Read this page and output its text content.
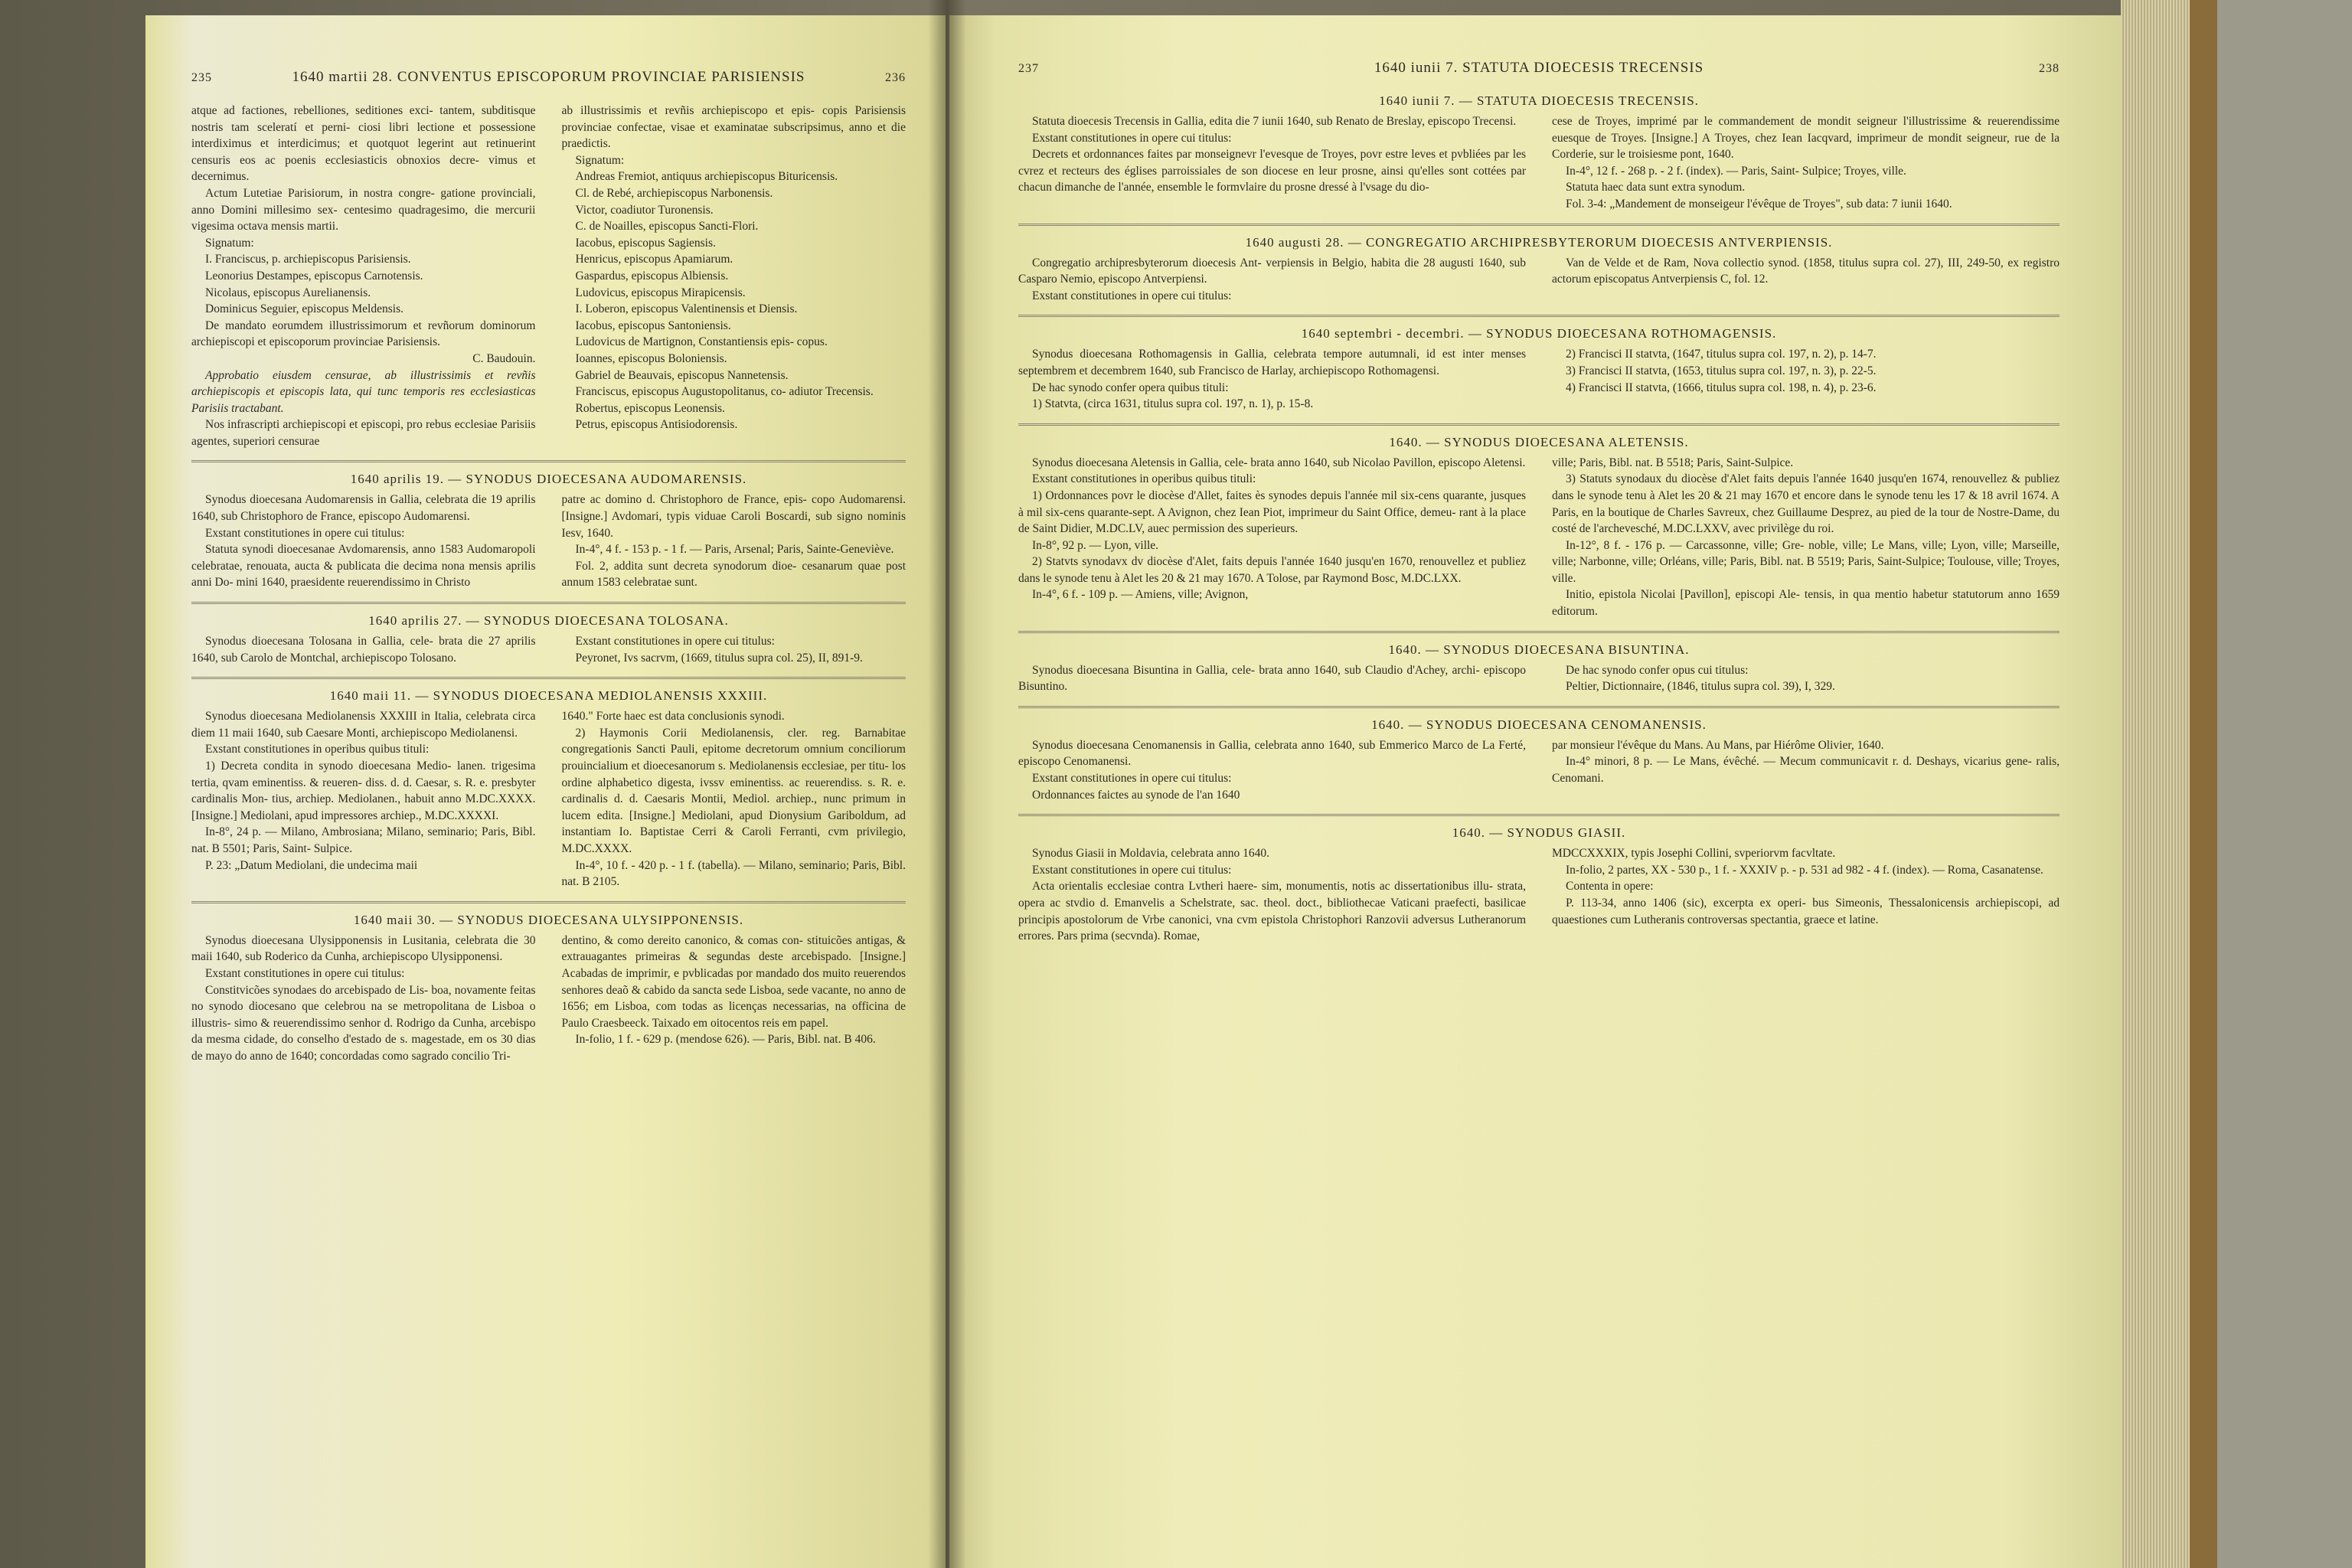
235	1640 martii 28. CONVENTUS EPISCOPORUM PROVINCIAE PARISIENSIS	236

atque ad factiones, rebelliones, seditiones exci- tantem, subditisque nostris tam sceleratí et perni- ciosi libri lectione et possessione interdiximus et interdicimus; et quotquot legerint aut retinuerint censuris eos ac poenis ecclesiasticis obnoxios decre- vimus et decernimus.

Actum Lutetiae Parisiorum, in nostra congre- gatione provinciali, anno Domini millesimo sex- centesimo quadragesimo, die mercurii vigesima octava mensis martii.

Signatum:

I. Franciscus, p. archiepiscopus Parisiensis.

Leonorius Destampes, episcopus Carnotensis.

Nicolaus, episcopus Aurelianensis.

Dominicus Seguier, episcopus Meldensis.

De mandato eorumdem illustrissimorum et revñorum dominorum archiepiscopi et episcoporum provinciae Parisiensis.

C. Baudouin.

Approbatio eiusdem censurae, ab illustrissimis et revñis archiepiscopis et episcopis lata, qui tunc temporis res ecclesiasticas Parisiis tractabant.

Nos infrascripti archiepiscopi et episcopi, pro rebus ecclesiae Parisiis agentes, superiori censurae

ab illustrissimis et revñis archiepiscopo et epis- copis Parisiensis provinciae confectae, visae et examinatae subscripsimus, anno et die praedictis.

Signatum:

Andreas Fremiot, antiquus archiepiscopus Bituricensis.

Cl. de Rebé, archiepiscopus Narbonensis.

Victor, coadiutor Turonensis.

C. de Noailles, episcopus Sancti-Flori.

Iacobus, episcopus Sagiensis.

Henricus, episcopus Apamiarum.

Gaspardus, episcopus Albiensis.

Ludovicus, episcopus Mirapicensis.

I. Loberon, episcopus Valentinensis et Diensis.

Iacobus, episcopus Santoniensis.

Ludovicus de Martignon, Constantiensis epis- copus.

Ioannes, episcopus Boloniensis.

Gabriel de Beauvais, episcopus Nannetensis.

Franciscus, episcopus Augustopolitanus, co- adiutor Trecensis.

Robertus, episcopus Leonensis.

Petrus, episcopus Antisiodorensis.

1640 aprilis 19. — SYNODUS DIOECESANA AUDOMARENSIS.

Synodus dioecesana Audomarensis in Gallia, celebrata die 19 aprilis 1640, sub Christophoro de France, episcopo Audomarensi.

Exstant constitutiones in opere cui titulus:

Statuta synodi dioecesanae Avdomarensis, anno 1583 Audomaropoli celebratae, renouata, aucta & publicata die decima nona mensis aprilis anni Do- mini 1640, praesidente reuerendissimo in Christo

patre ac domino d. Christophoro de France, epis- copo Audomarensi. [Insigne.] Avdomari, typis viduae Caroli Boscardi, sub signo nominis Iesv, 1640.

In-4°, 4 f. - 153 p. - 1 f. — Paris, Arsenal; Paris, Sainte-Geneviève.

Fol. 2, addita sunt decreta synodorum dioe- cesanarum quae post annum 1583 celebratae sunt.

1640 aprilis 27. — SYNODUS DIOECESANA TOLOSANA.

Synodus dioecesana Tolosana in Gallia, cele- brata die 27 aprilis 1640, sub Carolo de Montchal, archiepiscopo Tolosano.

Exstant constitutiones in opere cui titulus:

Peyronet, Ivs sacrvm, (1669, titulus supra col. 25), II, 891-9.

1640 maii 11. — SYNODUS DIOECESANA MEDIOLANENSIS XXXIII.

Synodus dioecesana Mediolanensis XXXIII in Italia, celebrata circa diem 11 maii 1640, sub Caesare Monti, archiepiscopo Mediolanensi.

Exstant constitutiones in operibus quibus tituli:

1) Decreta condita in synodo dioecesana Medio- lanen. trigesima tertia, qvam eminentiss. & reueren- diss. d. d. Caesar, s. R. e. presbyter cardinalis Mon- tius, archiep. Mediolanen., habuit anno M.DC.XXXX. [Insigne.] Mediolani, apud impressores archiep., M.DC.XXXXI.

In-8°, 24 p. — Milano, Ambrosiana; Milano, seminario; Paris, Bibl. nat. B 5501; Paris, Saint- Sulpice.

P. 23: „Datum Mediolani, die undecima maii

1640." Forte haec est data conclusionis synodi.

2) Haymonis Corii Mediolanensis, cler. reg. Barnabitae congregationis Sancti Pauli, epitome decretorum omnium conciliorum prouincialium et dioecesanorum s. Mediolanensis ecclesiae, per titu- los ordine alphabetico digesta, ivssv eminentiss. ac reuerendiss. s. R. e. cardinalis d. d. Caesaris Montii, Mediol. archiep., nunc primum in lucem edita. [Insigne.] Mediolani, apud Dionysium Gariboldum, ad instantiam Io. Baptistae Cerri & Caroli Ferranti, cvm privilegio, M.DC.XXXX.

In-4°, 10 f. - 420 p. - 1 f. (tabella). — Milano, seminario; Paris, Bibl. nat. B 2105.

1640 maii 30. — SYNODUS DIOECESANA ULYSIPPONENSIS.

Synodus dioecesana Ulysipponensis in Lusitania, celebrata die 30 maii 1640, sub Roderico da Cunha, archiepiscopo Ulysipponensi.

Exstant constitutiones in opere cui titulus:

Constitvicões synodaes do arcebispado de Lis- boa, novamente feitas no synodo diocesano que celebrou na se metropolitana de Lisboa o illustris- simo & reuerendissimo senhor d. Rodrigo da Cunha, arcebispo da mesma cidade, do conselho d'estado de s. magestade, em os 30 dias de mayo do anno de 1640; concordadas como sagrado concilio Tri-

dentino, & como dereito canonico, & comas con- stituicões antigas, & extrauagantes primeiras & segundas deste arcebispado. [Insigne.] Acabadas de imprimir, e pvblicadas por mandado dos muito reuerendos senhores deaõ & cabido da sancta sede Lisboa, sede vacante, no anno de 1656; em Lisboa, com todas as licenças necessarias, na officina de Paulo Craesbeeck. Taixado em oitocentos reis em papel.

In-folio, 1 f. - 629 p. (mendose 626). — Paris, Bibl. nat. B 406.

237	1640 iunii 7. STATUTA DIOECESIS TRECENSIS	238
1640 iunii 7. — STATUTA DIOECESIS TRECENSIS.

Statuta dioecesis Trecensis in Gallia, edita die 7 iunii 1640, sub Renato de Breslay, episcopo Trecensi.

Exstant constitutiones in opere cui titulus:

Decrets et ordonnances faites par monseignevr l'evesque de Troyes, povr estre leves et pvbliées par les cvrez et recteurs des églises parroissiales de son diocese en leur prosne, ainsi qu'elles sont cottées par chacun dimanche de l'année, ensemble le formvlaire du prosne dressé à l'vsage du dio-

cese de Troyes, imprimé par le commandement de mondit seigneur l'illustrissime & reuerendissime euesque de Troyes. [Insigne.] A Troyes, chez Iean Iacqvard, imprimeur de mondit seigneur, rue de la Corderie, sur le troisiesme pont, 1640.

In-4°, 12 f. - 268 p. - 2 f. (index). — Paris, Saint- Sulpice; Troyes, ville.

Statuta haec data sunt extra synodum.

Fol. 3-4: „Mandement de monseigeur l'évêque de Troyes", sub data: 7 iunii 1640.

1640 augusti 28. — CONGREGATIO ARCHIPRESBYTERORUM DIOECESIS ANTVERPIENSIS.

Congregatio archipresbyterorum dioecesis Ant- verpiensis in Belgio, habita die 28 augusti 1640, sub Casparo Nemio, episcopo Antverpiensi.

Exstant constitutiones in opere cui titulus:

Van de Velde et de Ram, Nova collectio synod. (1858, titulus supra col. 27), III, 249-50, ex registro actorum episcopatus Antverpiensis C, fol. 12.

1640 septembri - decembri. — SYNODUS DIOECESANA ROTHOMAGENSIS.

Synodus dioecesana Rothomagensis in Gallia, celebrata tempore autumnali, id est inter menses septembrem et decembrem 1640, sub Francisco de Harlay, archiepiscopo Rothomagensi.

De hac synodo confer opera quibus tituli:

1) Statvta, (circa 1631, titulus supra col. 197, n. 1), p. 15-8.

2) Francisci II statvta, (1647, titulus supra col. 197, n. 2), p. 14-7.

3) Francisci II statvta, (1653, titulus supra col. 197, n. 3), p. 22-5.

4) Francisci II statvta, (1666, titulus supra col. 198, n. 4), p. 23-6.

1640. — SYNODUS DIOECESANA ALETENSIS.

Synodus dioecesana Aletensis in Gallia, cele- brata anno 1640, sub Nicolao Pavillon, episcopo Aletensi.

Exstant constitutiones in operibus quibus tituli:

1) Ordonnances povr le diocèse d'Allet, faites ès synodes depuis l'année mil six-cens quarante, jusques à mil six-cens quarante-sept. A Avignon, chez Iean Piot, imprimeur du Saint Office, demeu- rant à la place de Saint Didier, M.DC.LV, auec permission des superieurs.

In-8°, 92 p. — Lyon, ville.

2) Statvts synodavx dv diocèse d'Alet, faits depuis l'année 1640 jusqu'en 1670, renouvellez et publiez dans le synode tenu à Alet les 20 & 21 may 1670. A Tolose, par Raymond Bosc, M.DC.LXX.

In-4°, 6 f. - 109 p. — Amiens, ville; Avignon,

ville; Paris, Bibl. nat. B 5518; Paris, Saint-Sulpice.

3) Statuts synodaux du diocèse d'Alet faits depuis l'année 1640 jusqu'en 1674, renouvellez & publiez dans le synode tenu à Alet les 20 & 21 may 1670 et encore dans le synode tenu les 17 & 18 avril 1674. A Paris, en la boutique de Charles Savreux, chez Guillaume Desprez, au pied de la tour de Nostre-Dame, du costé de l'archevesché, M.DC.LXXV, avec privilège du roi.

In-12°, 8 f. - 176 p. — Carcassonne, ville; Gre- noble, ville; Le Mans, ville; Lyon, ville; Marseille, ville; Narbonne, ville; Orléans, ville; Paris, Bibl. nat. B 5519; Paris, Saint-Sulpice; Toulouse, ville; Troyes, ville.

Initio, epistola Nicolai [Pavillon], episcopi Ale- tensis, in qua mentio habetur statutorum anno 1659 editorum.

1640. — SYNODUS DIOECESANA BISUNTINA.

Synodus dioecesana Bisuntina in Gallia, cele- brata anno 1640, sub Claudio d'Achey, archi- episcopo Bisuntino.

De hac synodo confer opus cui titulus:

Peltier, Dictionnaire, (1846, titulus supra col. 39), I, 329.

1640. — SYNODUS DIOECESANA CENOMANENSIS.

Synodus dioecesana Cenomanensis in Gallia, celebrata anno 1640, sub Emmerico Marco de La Ferté, episcopo Cenomanensi.

Exstant constitutiones in opere cui titulus:

Ordonnances faictes au synode de l'an 1640

par monsieur l'évêque du Mans. Au Mans, par Hiérôme Olivier, 1640.

In-4° minori, 8 p. — Le Mans, évêché. — Mecum communicavit r. d. Deshays, vicarius gene- ralis, Cenomani.

1640. — SYNODUS GIASII.

Synodus Giasii in Moldavia, celebrata anno 1640.

Exstant constitutiones in opere cui titulus:

Acta orientalis ecclesiae contra Lvtheri haere- sim, monumentis, notis ac dissertationibus illu- strata, opera ac stvdio d. Emanvelis a Schelstrate, sac. theol. doct., bibliothecae Vaticani praefecti, basilicae principis apostolorum de Vrbe canonici, vna cvm epistola Christophori Ranzovii adversus Lutheranorum errores. Pars prima (secvnda). Romae,

MDCCXXXIX, typis Josephi Collini, svperiorvm facvltate.

In-folio, 2 partes, XX - 530 p., 1 f. - XXXIV p. - p. 531 ad 982 - 4 f. (index). — Roma, Casanatense.

Contenta in opere:

P. 113-34, anno 1406 (sic), excerpta ex operi- bus Simeonis, Thessalonicensis archiepiscopi, ad quaestiones cum Lutheranis controversas spectantia, graece et latine.
